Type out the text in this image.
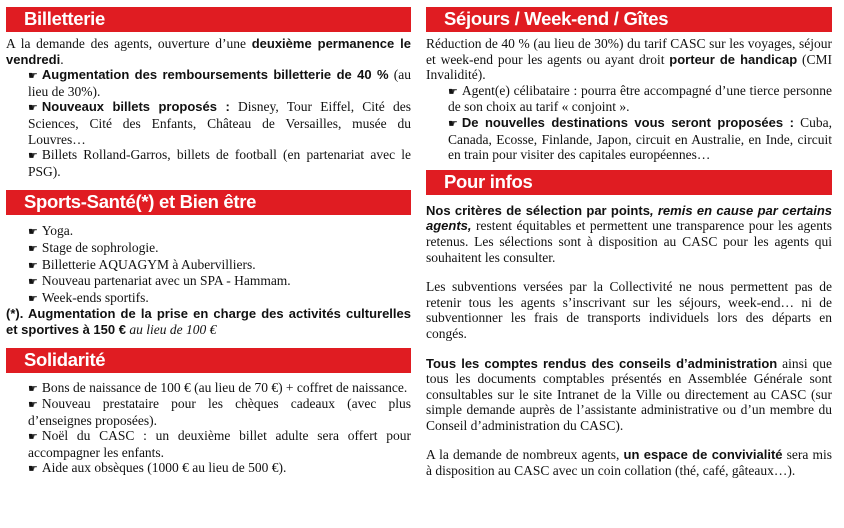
Billetterie

A la demande des agents, ouverture d’une deuxième permanence le vendredi.

☛ Augmentation des remboursements billetterie de 40 % (au lieu de 30%).

☛ Nouveaux billets proposés : Disney, Tour Eiffel, Cité des Sciences, Cité des Enfants, Château de Versailles, musée du Louvres…

☛ Billets Rolland-Garros, billets de football (en partenariat avec le PSG).

Sports-Santé(*) et Bien être

☛ Yoga.

☛ Stage de sophrologie.

☛ Billetterie AQUAGYM à Aubervilliers.

☛ Nouveau partenariat avec un SPA - Hammam.

☛ Week-ends sportifs.

(*). Augmentation de la prise en charge des activités culturelles et sportives à 150 € au lieu de 100 €

Solidarité

☛ Bons de naissance de 100 € (au lieu de 70 €) + coffret de naissance.

☛ Nouveau prestataire pour les chèques cadeaux (avec plus d’enseignes proposées).

☛ Noël du CASC : un deuxième billet adulte sera offert pour accompagner les enfants.

☛ Aide aux obsèques (1000 € au lieu de 500 €).

Séjours / Week-end / Gîtes

Réduction de 40 % (au lieu de 30%) du tarif CASC sur les voyages, séjour et week-end pour les agents ou ayant droit porteur de handicap (CMI Invalidité).

☛ Agent(e) célibataire : pourra être accompagné d’une tierce personne de son choix au tarif « conjoint ».

☛ De nouvelles destinations vous seront proposées : Cuba, Canada, Ecosse, Finlande, Japon, circuit en Australie, en Inde, circuit en train pour visiter des capitales européennes…

Pour infos

Nos critères de sélection par points, remis en cause par certains agents, restent équitables et permettent une transparence pour les agents retenus. Les sélections sont à disposition au CASC pour les agents qui souhaitent les consulter.

Les subventions versées par la Collectivité ne nous permettent pas de retenir tous les agents s’inscrivant sur les séjours, week-end… ni de subventionner les frais de transports individuels lors des départs en congés.

Tous les comptes rendus des conseils d’administration ainsi que tous les documents comptables présentés en Assemblée Générale sont consultables sur le site Intranet de la Ville ou directement au CASC (sur simple demande auprès de l’assistante administrative ou d’un membre du Conseil d’administration du CASC).

A la demande de nombreux agents, un espace de convivialité sera mis à disposition au CASC avec un coin collation (thé, café, gâteaux…).
